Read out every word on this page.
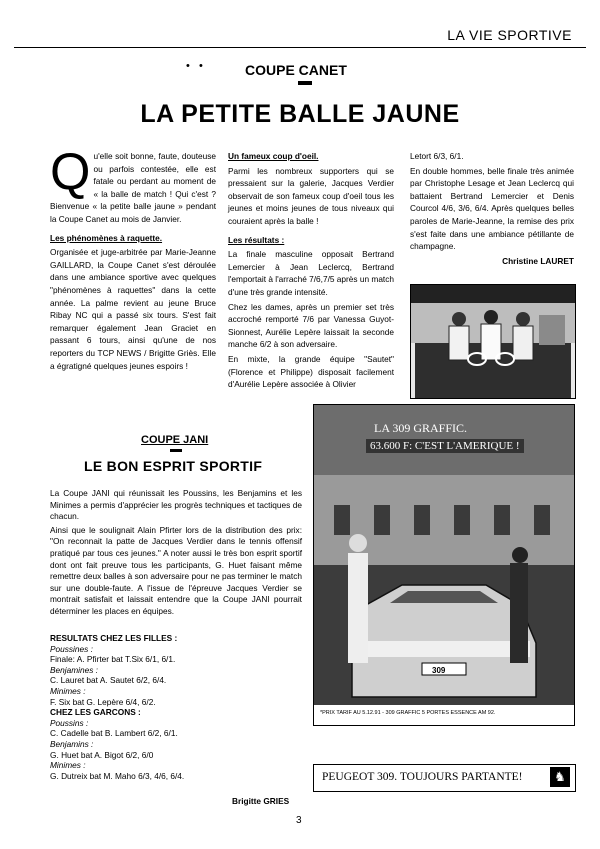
LA VIE SPORTIVE
•   •	COUPE CANET
LA PETITE BALLE JAUNE
Q u'elle soit bonne, faute, douteuse ou parfois contestée, elle est fatale ou perdant au moment de « la balle de match ! Qui c'est ? Bienvenue « la petite balle jaune » pendant la Coupe Canet au mois de Janvier.

Les phénomènes à raquette.

Organisée et juge-arbitrée par Marie-Jeanne GAILLARD, la Coupe Canet s'est déroulée dans une ambiance sportive avec quelques "phénomènes à raquettes" dans la cette année. La palme revient au jeune Bruce Ribay NC qui a passé six tours. S'est fait remarquer également Jean Graciet en passant 6 tours, ainsi qu'une de nos reporters du TCP NEWS / Brigitte Griès. Elle a égratigné quelques jeunes espoirs !

Un fameux coup d'oeil.

Parmi les nombreux supporters qui se pressaient sur la galerie, Jacques Verdier observait de son fameux coup d'oeil tous les jeunes et moins jeunes de tous niveaux qui couraient après la balle !

Les résultats :

La finale masculine opposait Bertrand Lemercier à Jean Leclercq, Bertrand l'emportait à l'arraché 7/6,7/5 après un match d'une très grande intensité.

Chez les dames, après un premier set très accroché remporté 7/6 par Vanessa Guyot-Sionnest, Aurélie Lepère laissait la seconde manche 6/2 à son adversaire.

En mixte, la grande équipe "Sautet" (Florence et Philippe) disposait facilement d'Aurélie Lepère associée à Olivier

Letort 6/3, 6/1.

En double hommes, belle finale très animée par Christophe Lesage et Jean Leclercq qui battaient Bertrand Lemercier et Denis Courcol 4/6, 3/6, 6/4. Après quelques belles paroles de Marie-Jeanne, la remise des prix s'est faite dans une ambiance pétillante de champagne.

Christine LAURET

COUPE JANI
LE BON ESPRIT SPORTIF

La Coupe JANI qui réunissait les Poussins, les Benjamins et les Minimes a permis d'apprécier les progrès techniques et tactiques de chacun.

Ainsi que le soulignait Alain Pfirter lors de la distribution des prix: "On reconnait la patte de Jacques Verdier dans le tennis offensif pratiqué par tous ces jeunes." A noter aussi le très bon esprit sportif dont ont fait preuve tous les participants, G. Huet faisant même remettre deux balles à son adversaire pour ne pas terminer le match sur une double-faute. A l'issue de l'épreuve Jacques Verdier se montrait satisfait et laissait entendre que la Coupe JANI pourrait déterminer les places en équipes.

RESULTATS CHEZ LES FILLES :
Poussines :
Finale: A. Pfirter bat T.Six 6/1, 6/1.
Benjamines :
C. Lauret bat A. Sautet 6/2, 6/4.
Minimes :
F. Six bat G. Lepère 6/4, 6/2.
CHEZ LES GARCONS :
Poussins :
C. Cadelle bat B. Lambert 6/2, 6/1.
Benjamins :
G. Huet bat A. Bigot 6/2, 6/0
Minimes :
G. Dutreix bat M. Maho 6/3, 4/6, 6/4.
Brigitte GRIES
LA 309 GRAFFIC.
63.600 F: C'EST L'AMERIQUE !
309
*PRIX TARIF AU 5.12.91 - 309 GRAFFIC 5 PORTES ESSENCE AM 92.
PEUGEOT 309. TOUJOURS PARTANTE!	♞
3
